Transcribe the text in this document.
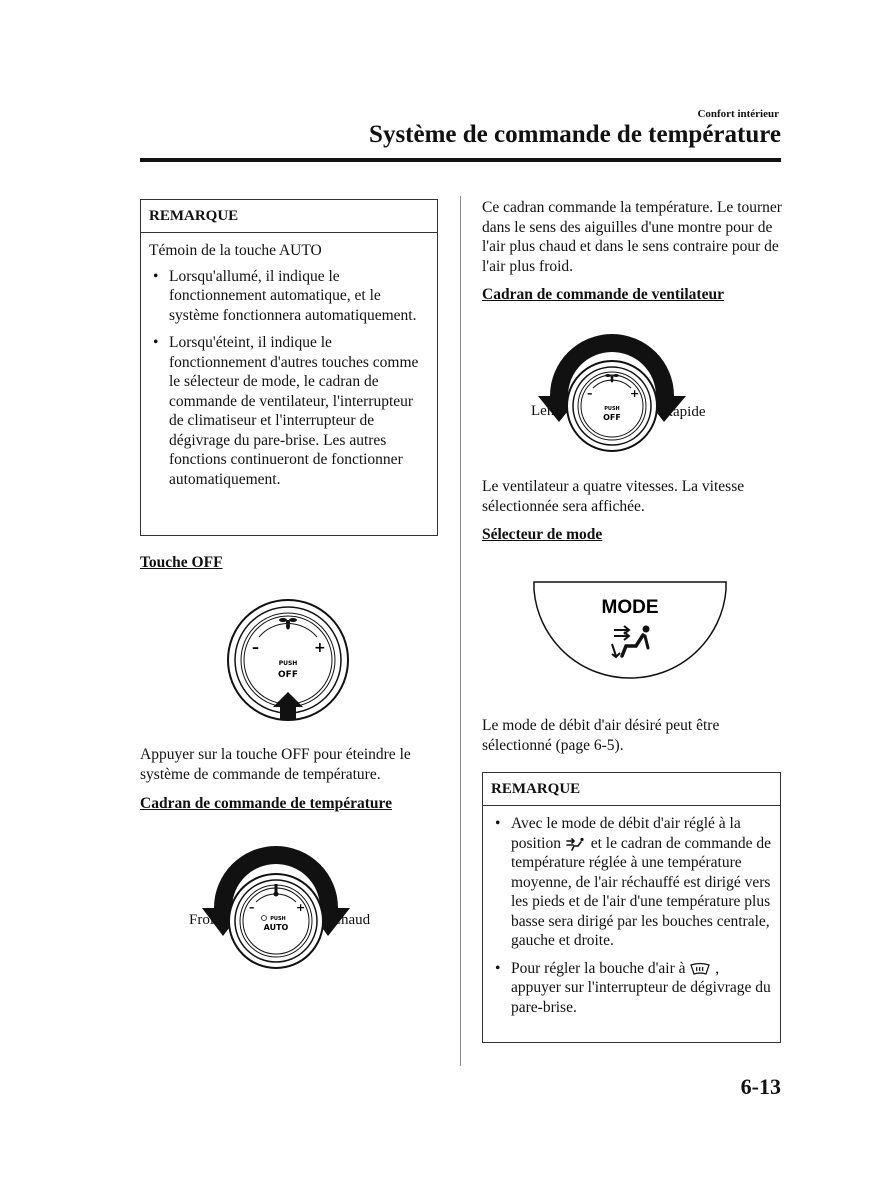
Confort intérieur
Système de commande de température
REMARQUE

Témoin de la touche AUTO

• Lorsqu'allumé, il indique le fonctionnement automatique, et le système fonctionnera automatiquement.
• Lorsqu'éteint, il indique le fonctionnement d'autres touches comme le sélecteur de mode, le cadran de commande de ventilateur, l'interrupteur de climatiseur et l'interrupteur de dégivrage du pare-brise. Les autres fonctions continueront de fonctionner automatiquement.
Touche OFF
–	+
PUSH
OFF
Appuyer sur la touche OFF pour éteindre le système de commande de température.
Cadran de commande de température
–	+
PUSH
AUTO
Froid	Chaud
Ce cadran commande la température. Le tourner dans le sens des aiguilles d'une montre pour de l'air plus chaud et dans le sens contraire pour de l'air plus froid.
Cadran de commande de ventilateur
–	+
PUSH
OFF
Lent	Rapide
Le ventilateur a quatre vitesses. La vitesse sélectionnée sera affichée.
Sélecteur de mode
MODE
Le mode de débit d'air désiré peut être sélectionné (page 6-5).
REMARQUE
• Avec le mode de débit d'air réglé à la position et le cadran de commande de température réglée à une température moyenne, de l'air réchauffé est dirigé vers les pieds et de l'air d'une température plus basse sera dirigé par les bouches centrale, gauche et droite.
• Pour régler la bouche d'air à , appuyer sur l'interrupteur de dégivrage du pare-brise.
6-13
